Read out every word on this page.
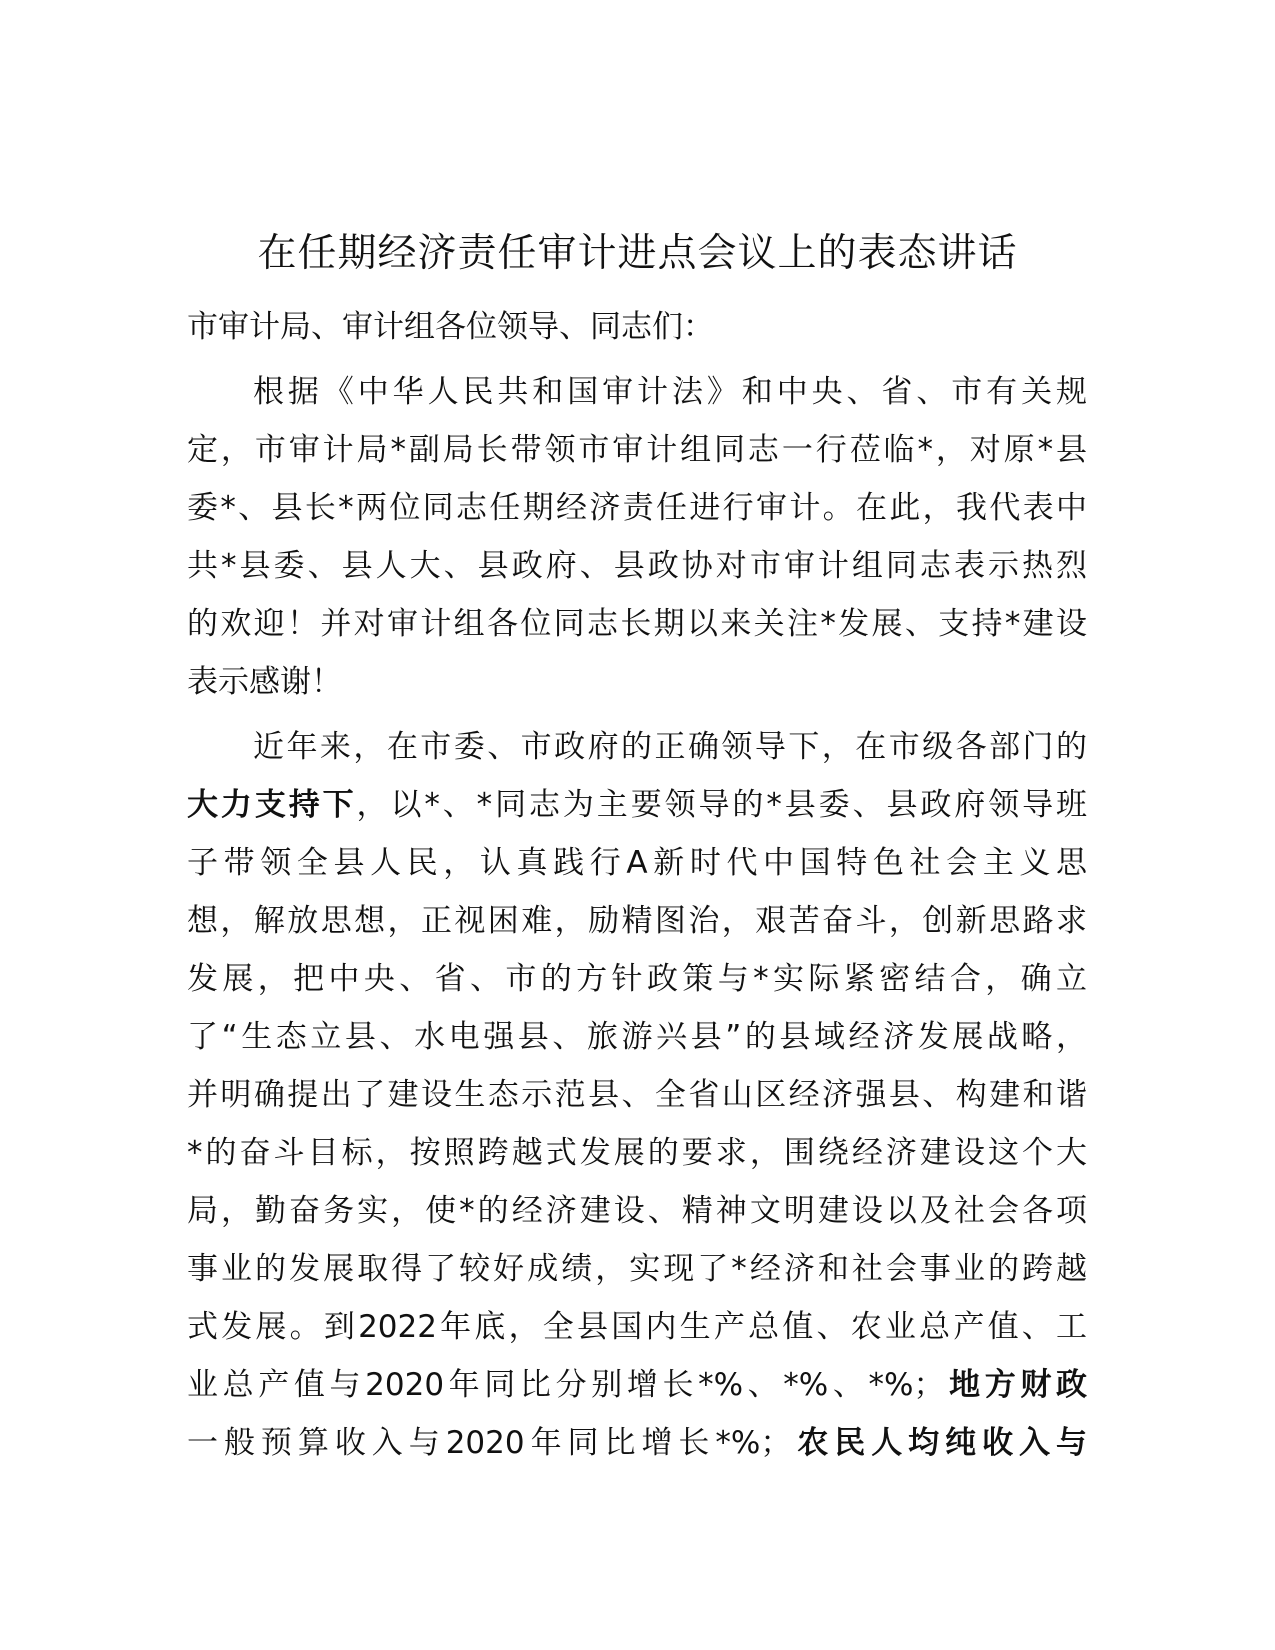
在任期经济责任审计进点会议上的表态讲话
市审计局、审计组各位领导、同志们：
根据《中华人民共和国审计法》和中央、省、市有关规
定，市审计局*副局长带领市审计组同志一行莅临*，对原*县
委*、县长*两位同志任期经济责任进行审计。在此，我代表中
共*县委、县人大、县政府、县政协对市审计组同志表示热烈
的欢迎！并对审计组各位同志长期以来关注*发展、支持*建设
表示感谢！
近年来，在市委、市政府的正确领导下，在市级各部门的
大力支持下，以*、*同志为主要领导的*县委、县政府领导班
子带领全县人民，认真践行A新时代中国特色社会主义思
想，解放思想，正视困难，励精图治，艰苦奋斗，创新思路求
发展，把中央、省、市的方针政策与*实际紧密结合，确立
了“生态立县、水电强县、旅游兴县”的县域经济发展战略，
并明确提出了建设生态示范县、全省山区经济强县、构建和谐
*的奋斗目标，按照跨越式发展的要求，围绕经济建设这个大
局，勤奋务实，使*的经济建设、精神文明建设以及社会各项
事业的发展取得了较好成绩，实现了*经济和社会事业的跨越
式发展。到2022年底，全县国内生产总值、农业总产值、工
业总产值与2020年同比分别增长*%、*%、*%；地方财政
一般预算收入与2020年同比增长*%；农民人均纯收入与
